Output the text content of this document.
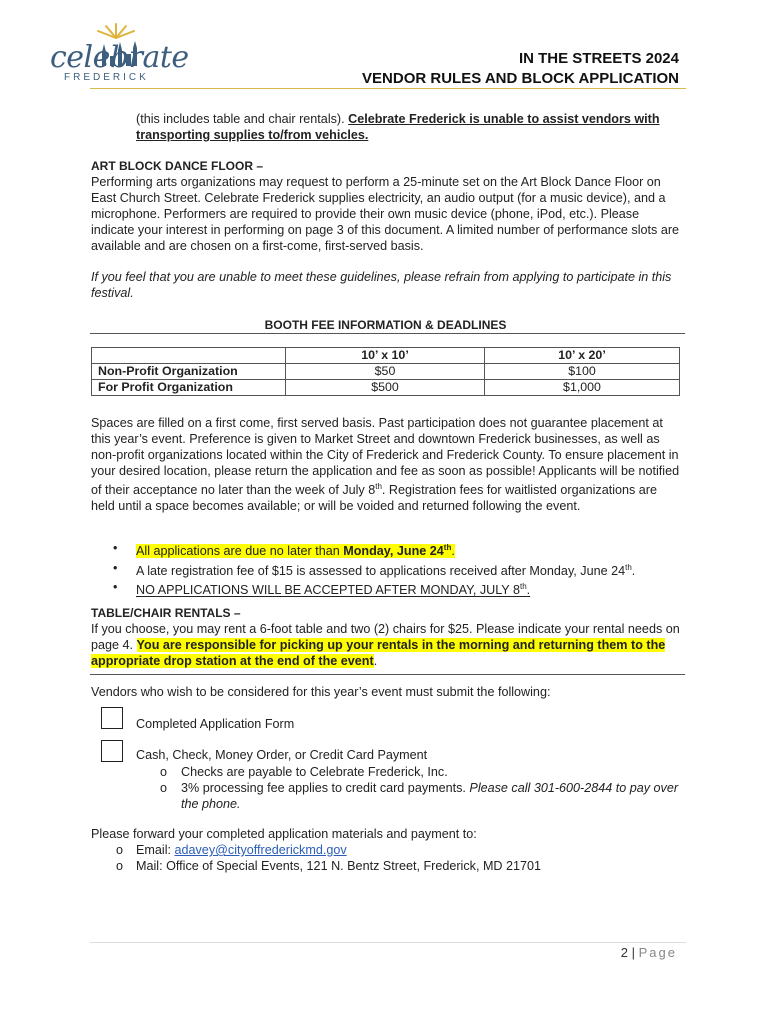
celebrate
FREDERICK
IN THE STREETS 2024
VENDOR RULES AND BLOCK APPLICATION
(this includes table and chair rentals). Celebrate Frederick is unable to assist vendors with transporting supplies to/from vehicles.
ART BLOCK DANCE FLOOR –
Performing arts organizations may request to perform a 25-minute set on the Art Block Dance Floor on East Church Street. Celebrate Frederick supplies electricity, an audio output (for a music device), and a microphone. Performers are required to provide their own music device (phone, iPod, etc.). Please indicate your interest in performing on page 3 of this document. A limited number of performance slots are available and are chosen on a first-come, first-served basis.
If you feel that you are unable to meet these guidelines, please refrain from applying to participate in this festival.
BOOTH FEE INFORMATION & DEADLINES
	10’ x 10’	10’ x 20’
Non-Profit Organization	$50	$100
For Profit Organization	$500	$1,000
Spaces are filled on a first come, first served basis. Past participation does not guarantee placement at this year’s event. Preference is given to Market Street and downtown Frederick businesses, as well as non-profit organizations located within the City of Frederick and Frederick County. To ensure placement in your desired location, please return the application and fee as soon as possible! Applicants will be notified of their acceptance no later than the week of July 8th. Registration fees for waitlisted organizations are held until a space becomes available; or will be voided and returned following the event.
• All applications are due no later than Monday, June 24th.
• A late registration fee of $15 is assessed to applications received after Monday, June 24th.
• NO APPLICATIONS WILL BE ACCEPTED AFTER MONDAY, JULY 8th.
TABLE/CHAIR RENTALS –
If you choose, you may rent a 6-foot table and two (2) chairs for $25. Please indicate your rental needs on page 4. You are responsible for picking up your rentals in the morning and returning them to the appropriate drop station at the end of the event.
Vendors who wish to be considered for this year’s event must submit the following:
Completed Application Form
Cash, Check, Money Order, or Credit Card Payment
o Checks are payable to Celebrate Frederick, Inc.
o 3% processing fee applies to credit card payments. Please call 301-600-2844 to pay over the phone.
Please forward your completed application materials and payment to:
o Email: adavey@cityoffrederickmd.gov
o Mail: Office of Special Events, 121 N. Bentz Street, Frederick, MD 21701
2 | Page
